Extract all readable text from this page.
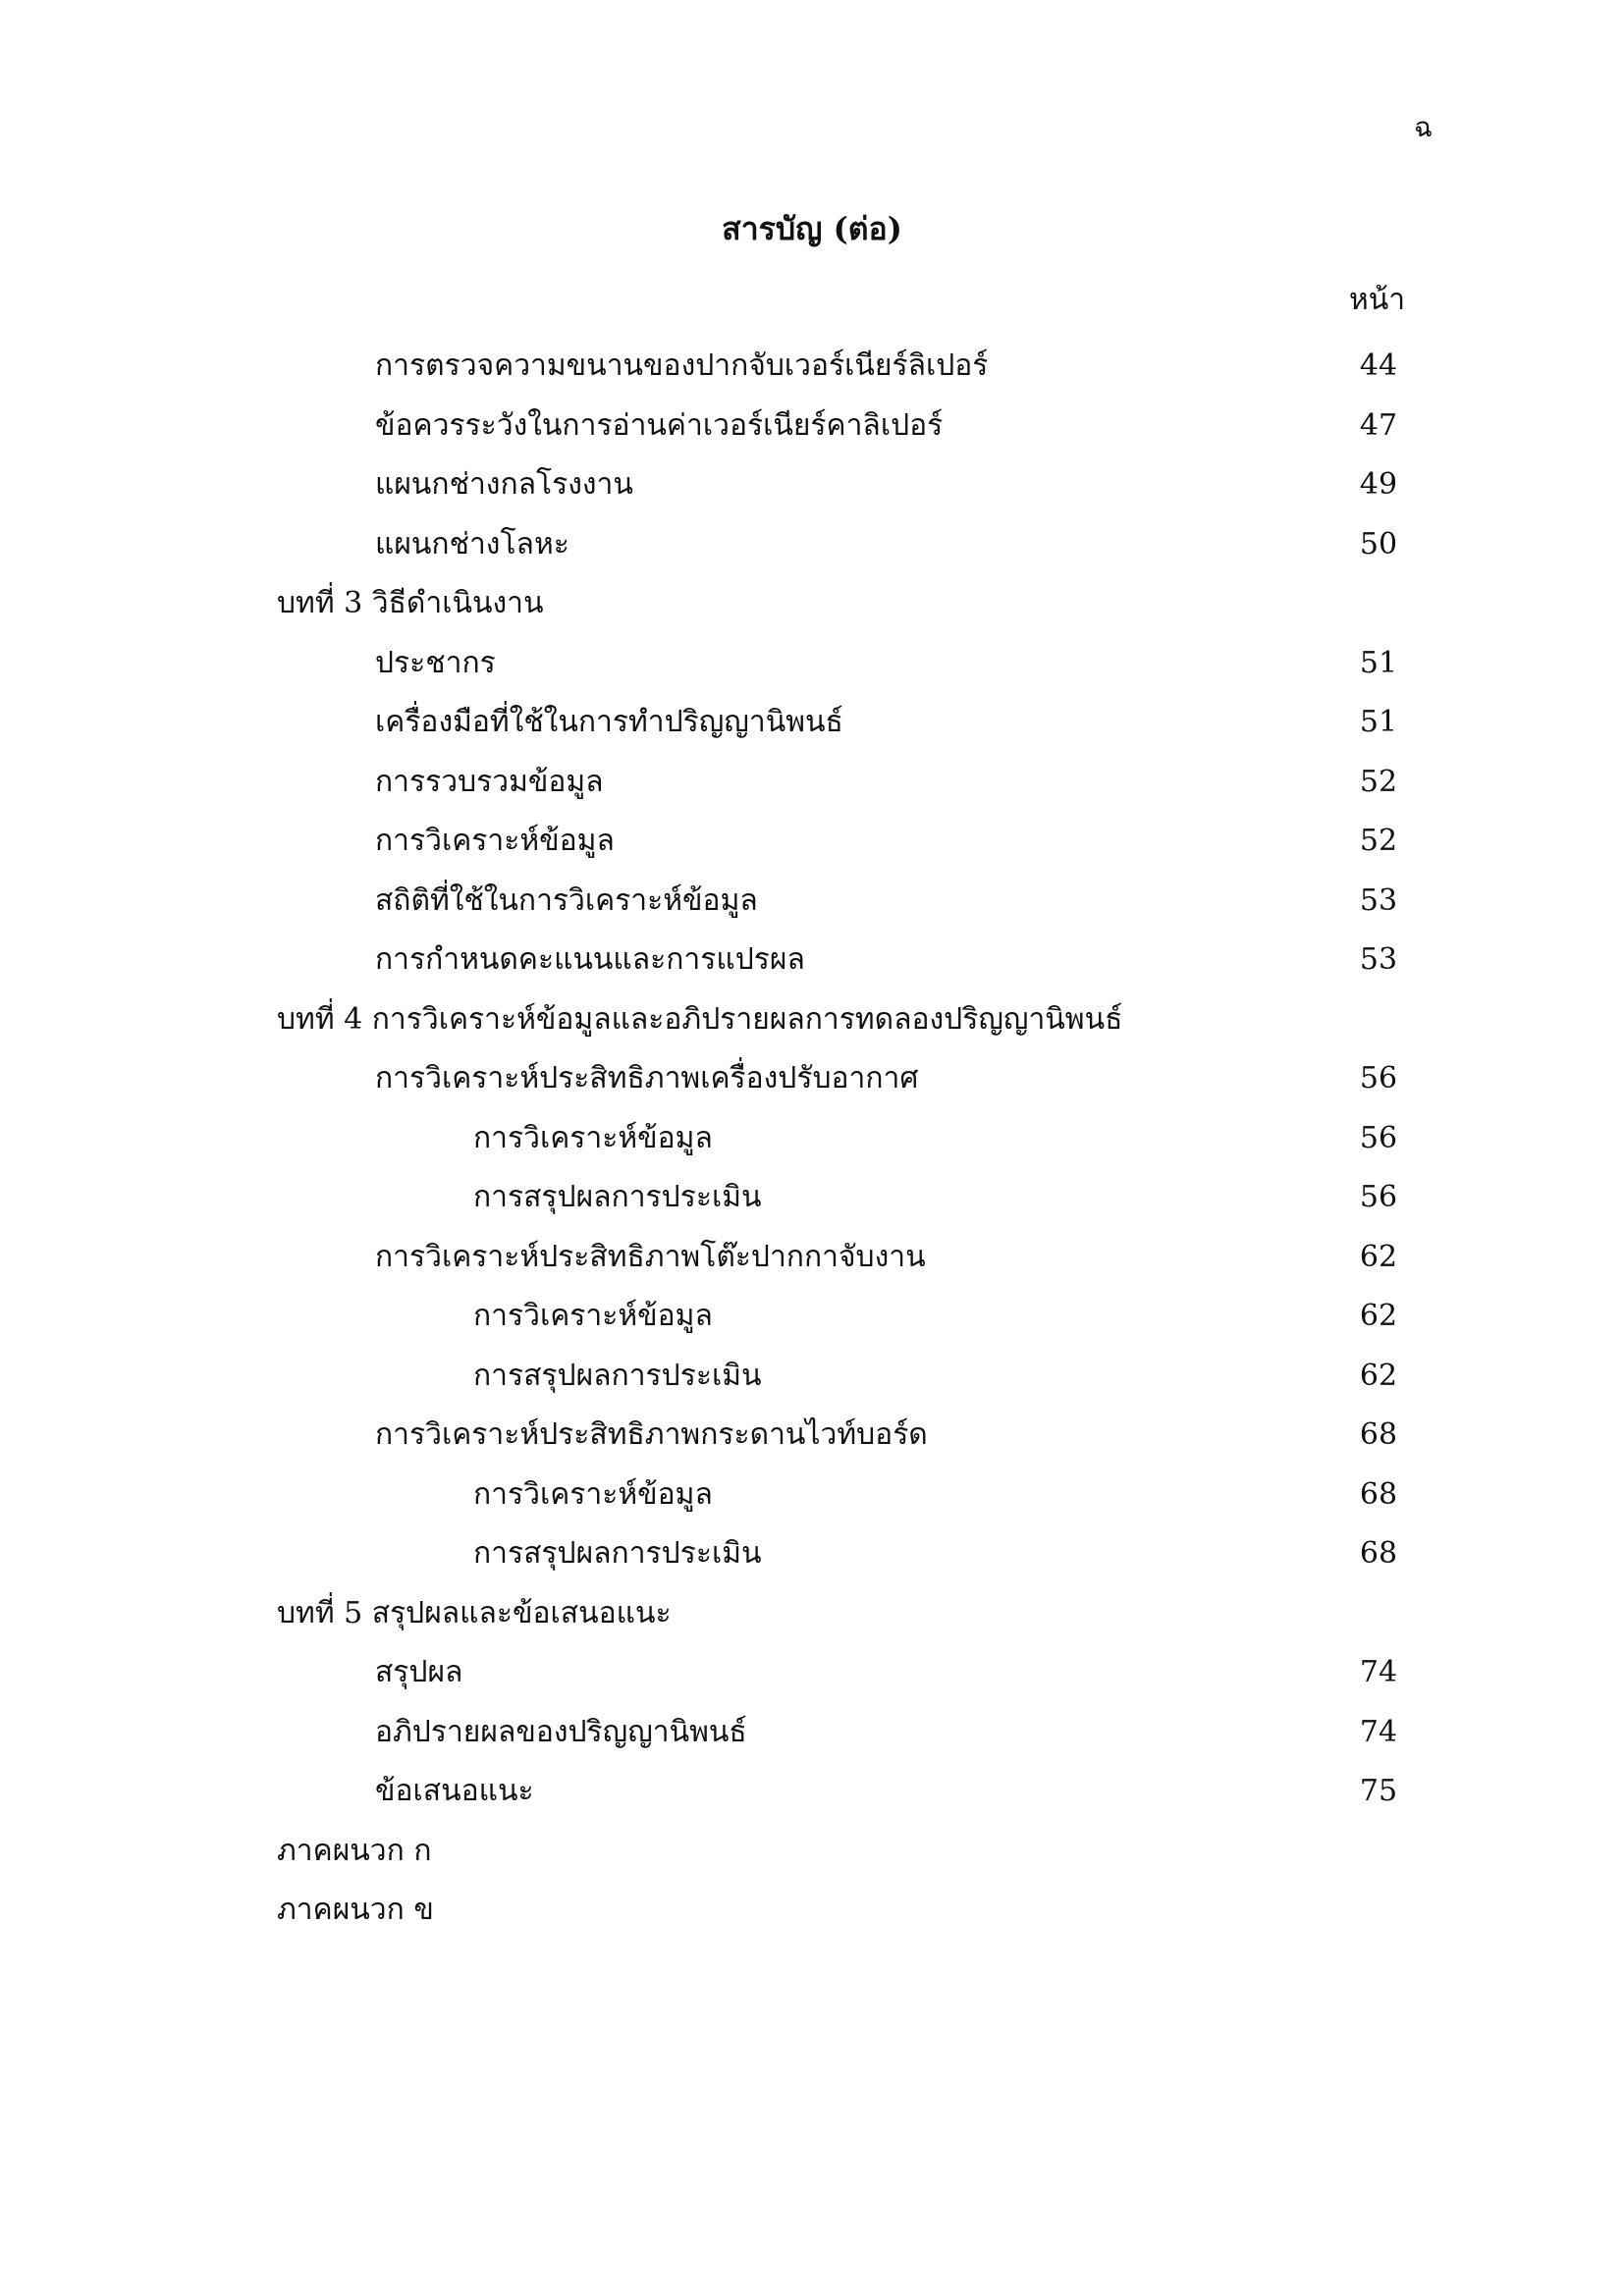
ฉ
สารบัญ (ต่อ)
หน้า
การตรวจความขนานของปากจับเวอร์เนียร์ลิเปอร์	44
ข้อควรระวังในการอ่านค่าเวอร์เนียร์คาลิเปอร์	47
แผนกช่างกลโรงงาน	49
แผนกช่างโลหะ	50
บทที่ 3 วิธีดำเนินงาน
ประชากร	51
เครื่องมือที่ใช้ในการทำปริญญานิพนธ์	51
การรวบรวมข้อมูล	52
การวิเคราะห์ข้อมูล	52
สถิติที่ใช้ในการวิเคราะห์ข้อมูล	53
การกำหนดคะแนนและการแปรผล	53
บทที่ 4 การวิเคราะห์ข้อมูลและอภิปรายผลการทดลองปริญญานิพนธ์
การวิเคราะห์ประสิทธิภาพเครื่องปรับอากาศ	56
การวิเคราะห์ข้อมูล	56
การสรุปผลการประเมิน	56
การวิเคราะห์ประสิทธิภาพโต๊ะปากกาจับงาน	62
การวิเคราะห์ข้อมูล	62
การสรุปผลการประเมิน	62
การวิเคราะห์ประสิทธิภาพกระดานไวท์บอร์ด	68
การวิเคราะห์ข้อมูล	68
การสรุปผลการประเมิน	68
บทที่ 5 สรุปผลและข้อเสนอแนะ
สรุปผล	74
อภิปรายผลของปริญญานิพนธ์	74
ข้อเสนอแนะ	75
ภาคผนวก ก
ภาคผนวก ข
